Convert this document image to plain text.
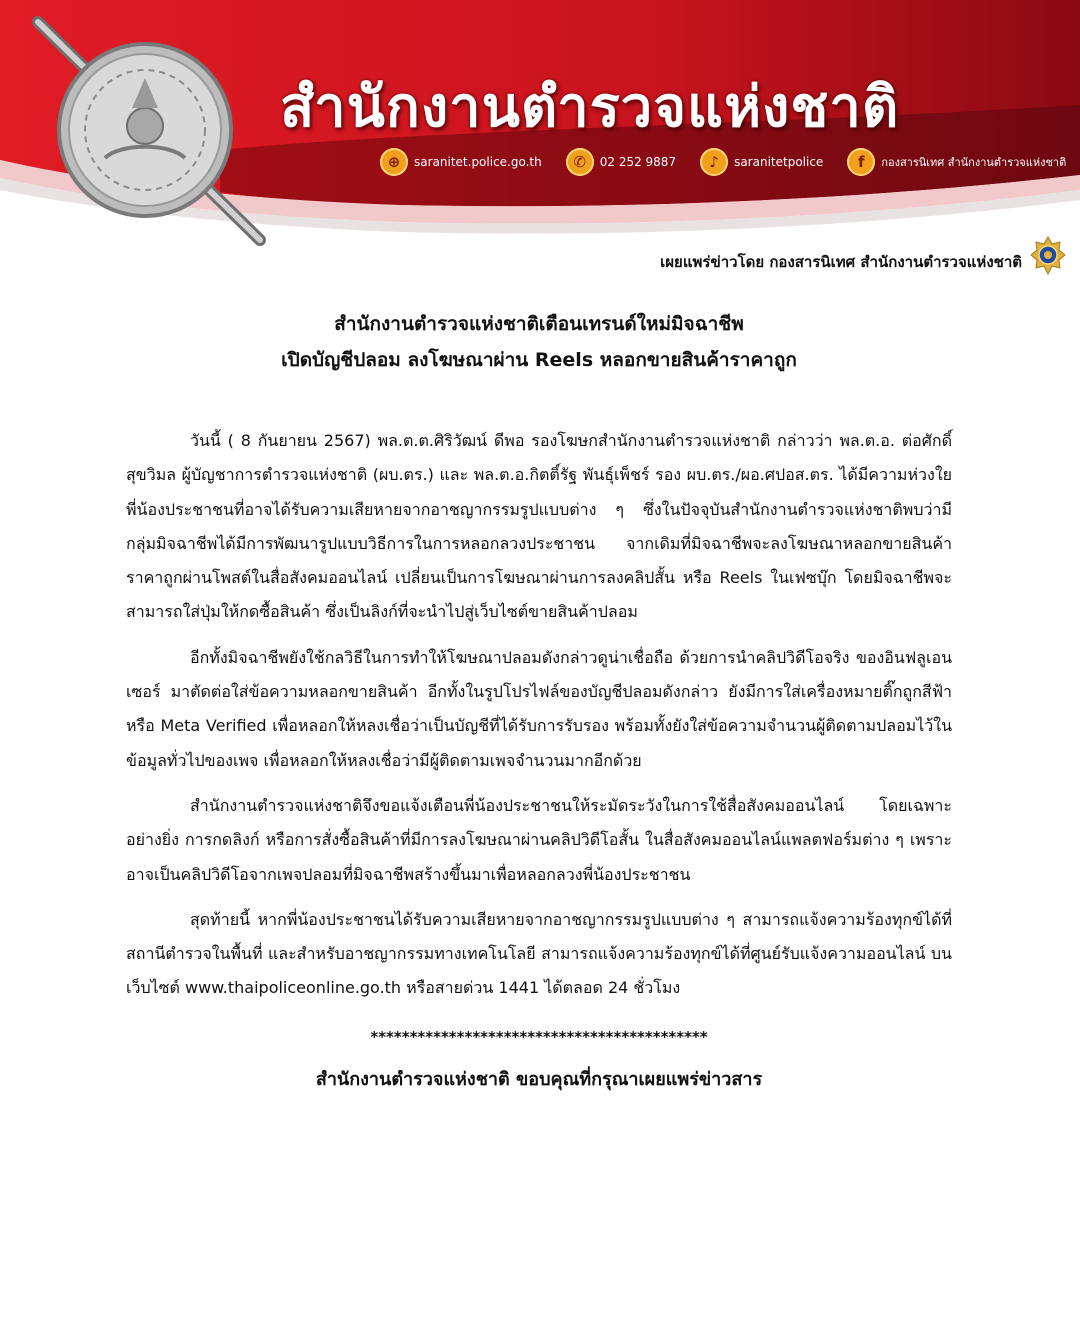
สำนักงานตำรวจแห่งชาติ
⊕	saranitet.police.go.th	✆	02 252 9887	♪	saranitetpolice	f	กองสารนิเทศ สำนักงานตำรวจแห่งชาติ
เผยแพร่ข่าวโดย กองสารนิเทศ สำนักงานตำรวจแห่งชาติ
สำนักงานตำรวจแห่งชาติเตือนเทรนด์ใหม่มิจฉาชีพ
เปิดบัญชีปลอม ลงโฆษณาผ่าน Reels หลอกขายสินค้าราคาถูก

วันนี้ ( 8 กันยายน 2567) พล.ต.ต.ศิริวัฒน์ ดีพอ รองโฆษกสำนักงานตำรวจแห่งชาติ กล่าวว่า พล.ต.อ. ต่อศักดิ์ สุขวิมล ผู้บัญชาการตำรวจแห่งชาติ (ผบ.ตร.) และ พล.ต.อ.กิตติ์รัฐ พันธุ์เพ็ชร์ รอง ผบ.ตร./ผอ.ศปอส.ตร. ได้มีความห่วงใยพี่น้องประชาชนที่อาจได้รับความเสียหายจากอาชญากรรมรูปแบบต่าง ๆ ซึ่งในปัจจุบันสำนักงานตำรวจแห่งชาติพบว่ามีกลุ่มมิจฉาชีพได้มีการพัฒนารูปแบบวิธีการในการหลอกลวงประชาชน จากเดิมที่มิจฉาชีพจะลงโฆษณาหลอกขายสินค้าราคาถูกผ่านโพสต์ในสื่อสังคมออนไลน์ เปลี่ยนเป็นการโฆษณาผ่านการลงคลิปสั้น หรือ Reels ในเฟซบุ๊ก โดยมิจฉาชีพจะสามารถใส่ปุ่มให้กดซื้อสินค้า ซึ่งเป็นลิงก์ที่จะนำไปสู่เว็บไซต์ขายสินค้าปลอม

อีกทั้งมิจฉาชีพยังใช้กลวิธีในการทำให้โฆษณาปลอมดังกล่าวดูน่าเชื่อถือ ด้วยการนำคลิปวิดีโอจริง ของอินฟลูเอนเซอร์ มาตัดต่อใส่ข้อความหลอกขายสินค้า อีกทั้งในรูปโปรไฟล์ของบัญชีปลอมดังกล่าว ยังมีการใส่เครื่องหมายติ๊กถูกสีฟ้า หรือ Meta Verified เพื่อหลอกให้หลงเชื่อว่าเป็นบัญชีที่ได้รับการรับรอง พร้อมทั้งยังใส่ข้อความจำนวนผู้ติดตามปลอมไว้ในข้อมูลทั่วไปของเพจ เพื่อหลอกให้หลงเชื่อว่ามีผู้ติดตามเพจจำนวนมากอีกด้วย

สำนักงานตำรวจแห่งชาติจึงขอแจ้งเตือนพี่น้องประชาชนให้ระมัดระวังในการใช้สื่อสังคมออนไลน์ โดยเฉพาะอย่างยิ่ง การกดลิงก์ หรือการสั่งซื้อสินค้าที่มีการลงโฆษณาผ่านคลิปวิดีโอสั้น ในสื่อสังคมออนไลน์แพลตฟอร์มต่าง ๆ เพราะอาจเป็นคลิปวิดีโอจากเพจปลอมที่มิจฉาชีพสร้างขึ้นมาเพื่อหลอกลวงพี่น้องประชาชน

สุดท้ายนี้ หากพี่น้องประชาชนได้รับความเสียหายจากอาชญากรรมรูปแบบต่าง ๆ สามารถแจ้งความร้องทุกข์ได้ที่สถานีตำรวจในพื้นที่ และสำหรับอาชญากรรมทางเทคโนโลยี สามารถแจ้งความร้องทุกข์ได้ที่ศูนย์รับแจ้งความออนไลน์ บนเว็บไซต์ www.thaipoliceonline.go.th หรือสายด่วน 1441 ได้ตลอด 24 ชั่วโมง

*******************************************
สำนักงานตำรวจแห่งชาติ ขอบคุณที่กรุณาเผยแพร่ข่าวสาร
